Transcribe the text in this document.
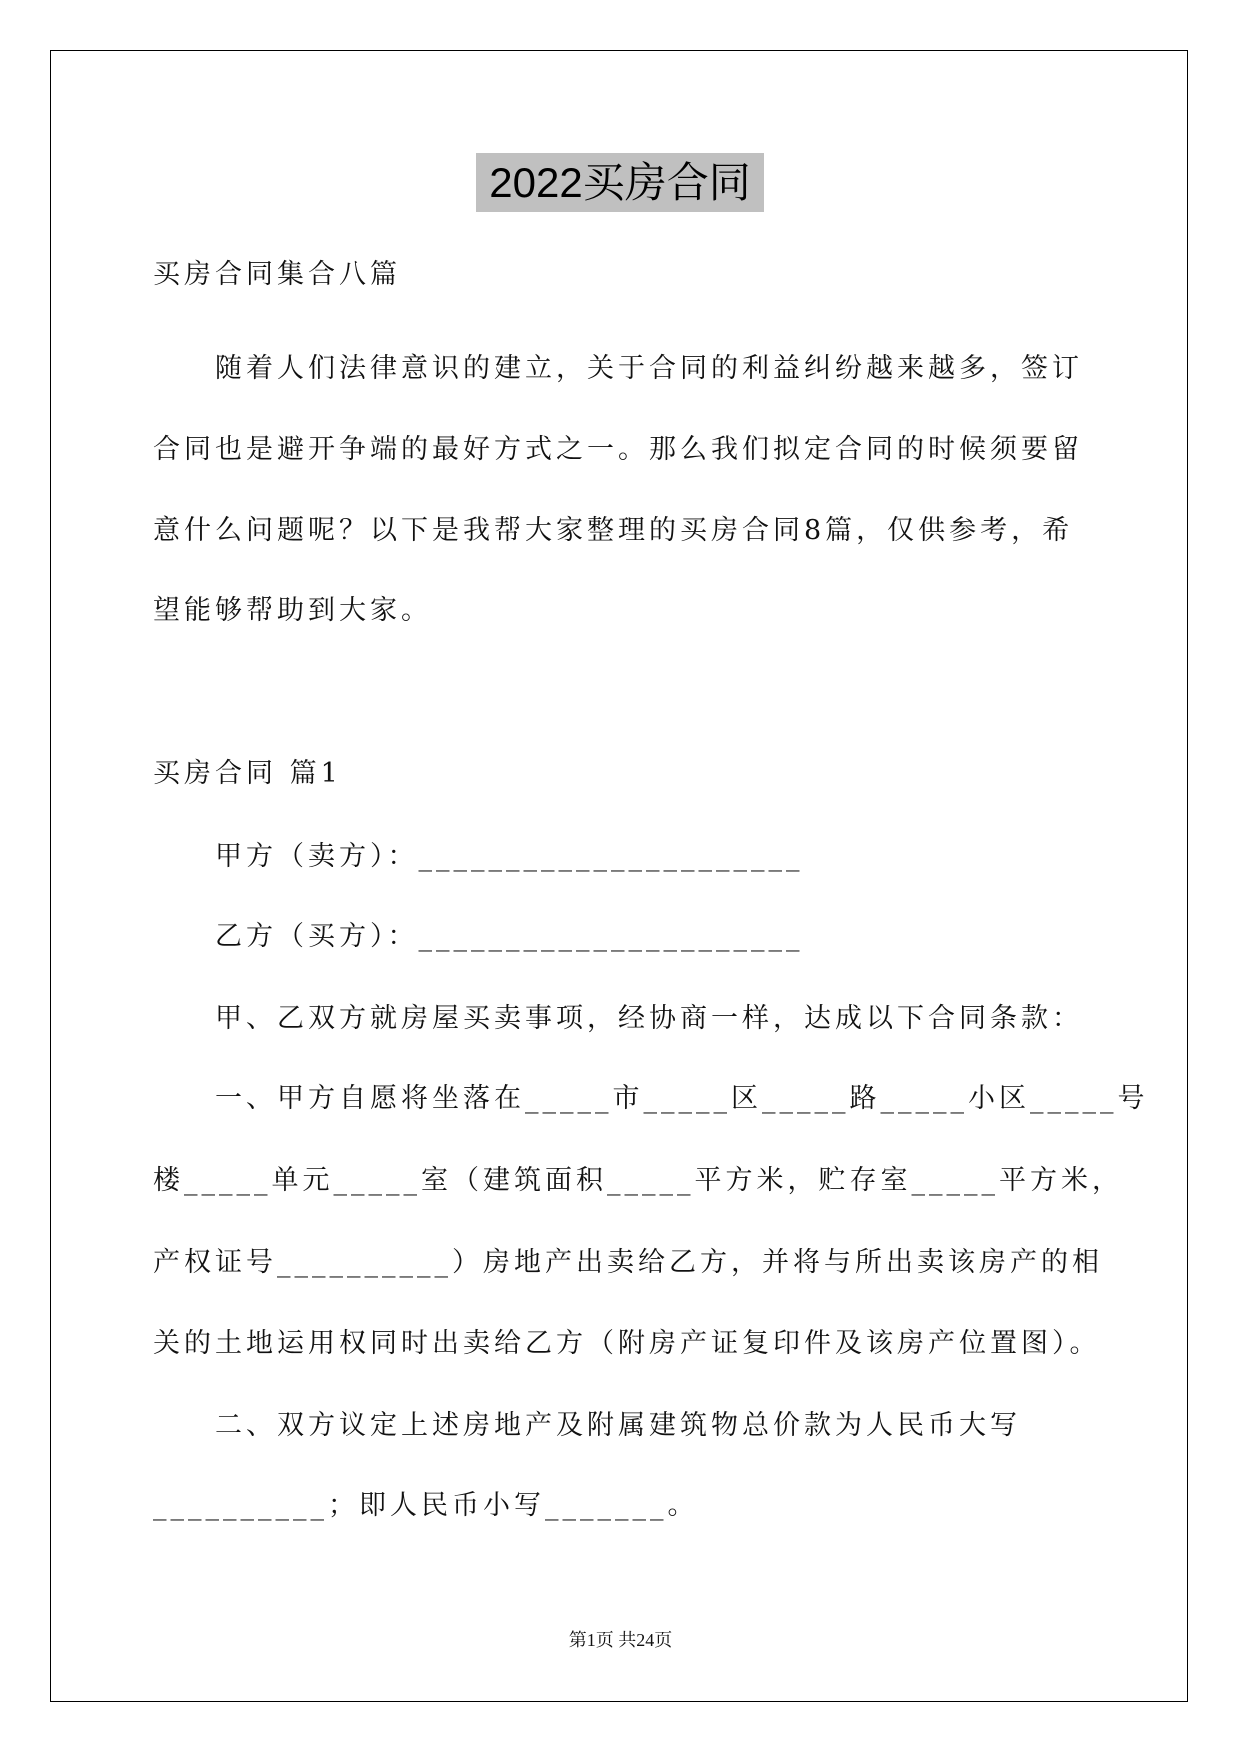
2022买房合同
买房合同集合八篇
随着人们法律意识的建立，关于合同的利益纠纷越来越多，签订
合同也是避开争端的最好方式之一。那么我们拟定合同的时候须要留
意什么问题呢？以下是我帮大家整理的买房合同8篇，仅供参考，希
望能够帮助到大家。
买房合同 篇1
甲方（卖方）：______________________
乙方（买方）：______________________
甲、乙双方就房屋买卖事项，经协商一样，达成以下合同条款：
一、甲方自愿将坐落在_____市_____区_____路_____小区_____号
楼_____单元_____室（建筑面积_____平方米，贮存室_____平方米，
产权证号__________）房地产出卖给乙方，并将与所出卖该房产的相
关的土地运用权同时出卖给乙方（附房产证复印件及该房产位置图）。
二、双方议定上述房地产及附属建筑物总价款为人民币大写
__________；即人民币小写_______。
第1页 共24页
